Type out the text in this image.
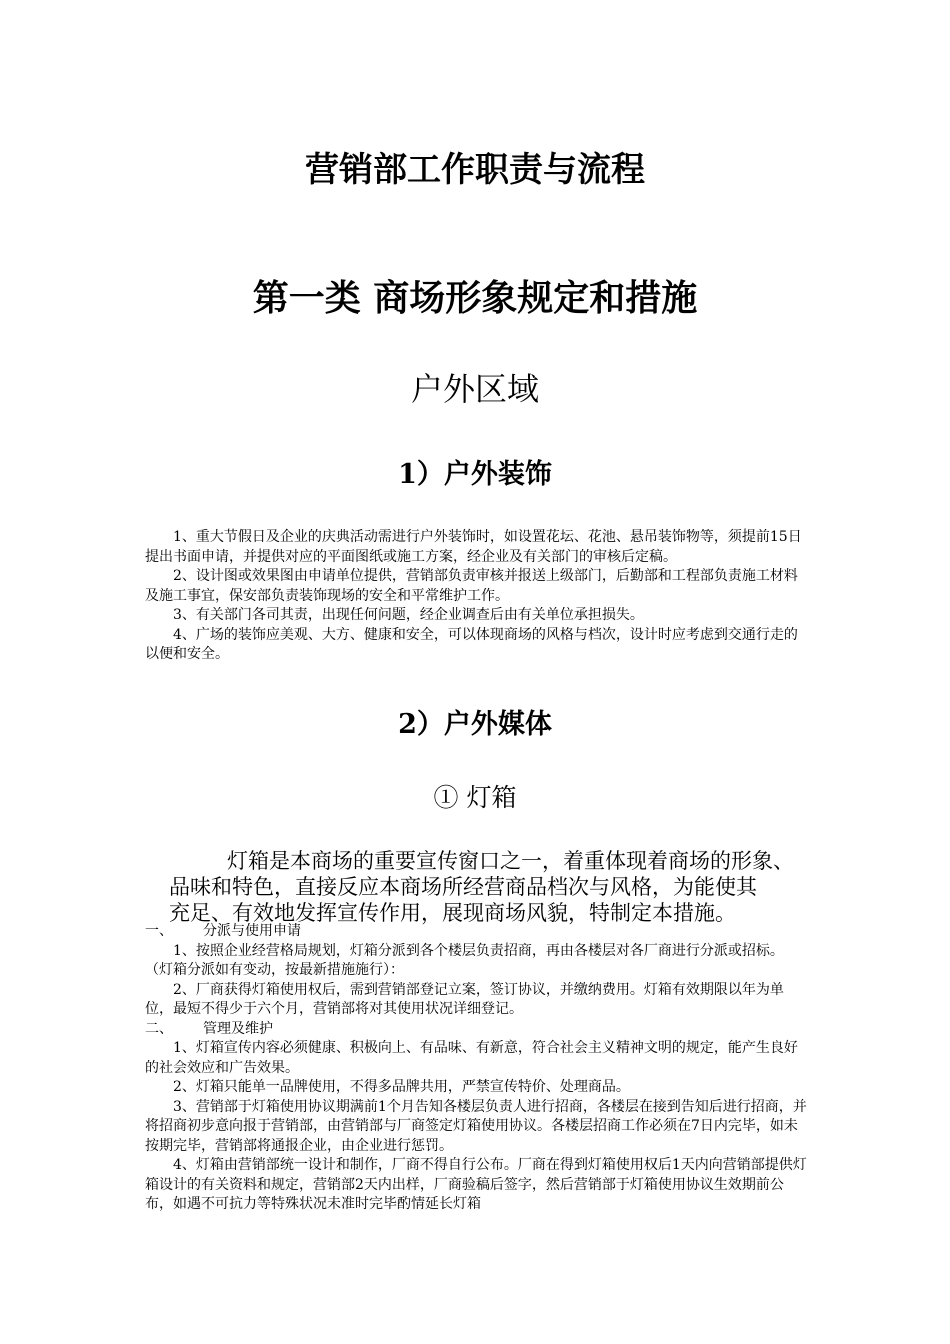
营销部工作职责与流程
第一类 商场形象规定和措施
户外区域
1）户外装饰

1、重大节假日及企业的庆典活动需进行户外装饰时，如设置花坛、花池、悬吊装饰物等，须提前15日提出书面申请，并提供对应的平面图纸或施工方案，经企业及有关部门的审核后定稿。

2、设计图或效果图由申请单位提供，营销部负责审核并报送上级部门，后勤部和工程部负责施工材料及施工事宜，保安部负责装饰现场的安全和平常维护工作。

3、有关部门各司其责，出现任何问题，经企业调查后由有关单位承担损失。

4、广场的装饰应美观、大方、健康和安全，可以体现商场的风格与档次，设计时应考虑到交通行走的以便和安全。

2）户外媒体
① 灯箱

灯箱是本商场的重要宣传窗口之一，着重体现着商场的形象、

品味和特色，直接反应本商场所经营商品档次与风格，为能使其

充足、有效地发挥宣传作用，展现商场风貌，特制定本措施。

一、	分派与使用申请

1、按照企业经营格局规划，灯箱分派到各个楼层负责招商，再由各楼层对各厂商进行分派或招标。

（灯箱分派如有变动，按最新措施施行）：

2、厂商获得灯箱使用权后，需到营销部登记立案，签订协议，并缴纳费用。灯箱有效期限以年为单位，最短不得少于六个月，营销部将对其使用状况详细登记。

二、	管理及维护

1、灯箱宣传内容必须健康、积极向上、有品味、有新意，符合社会主义精神文明的规定，能产生良好的社会效应和广告效果。

2、灯箱只能单一品牌使用，不得多品牌共用，严禁宣传特价、处理商品。

3、营销部于灯箱使用协议期满前1个月告知各楼层负责人进行招商，各楼层在接到告知后进行招商，并将招商初步意向报于营销部，由营销部与厂商签定灯箱使用协议。各楼层招商工作必须在7日内完毕，如未按期完毕，营销部将通报企业，由企业进行惩罚。

4、灯箱由营销部统一设计和制作，厂商不得自行公布。厂商在得到灯箱使用权后1天内向营销部提供灯箱设计的有关资料和规定，营销部2天内出样，厂商验稿后签字，然后营销部于灯箱使用协议生效期前公布，如遇不可抗力等特殊状况未准时完毕酌情延长灯箱
